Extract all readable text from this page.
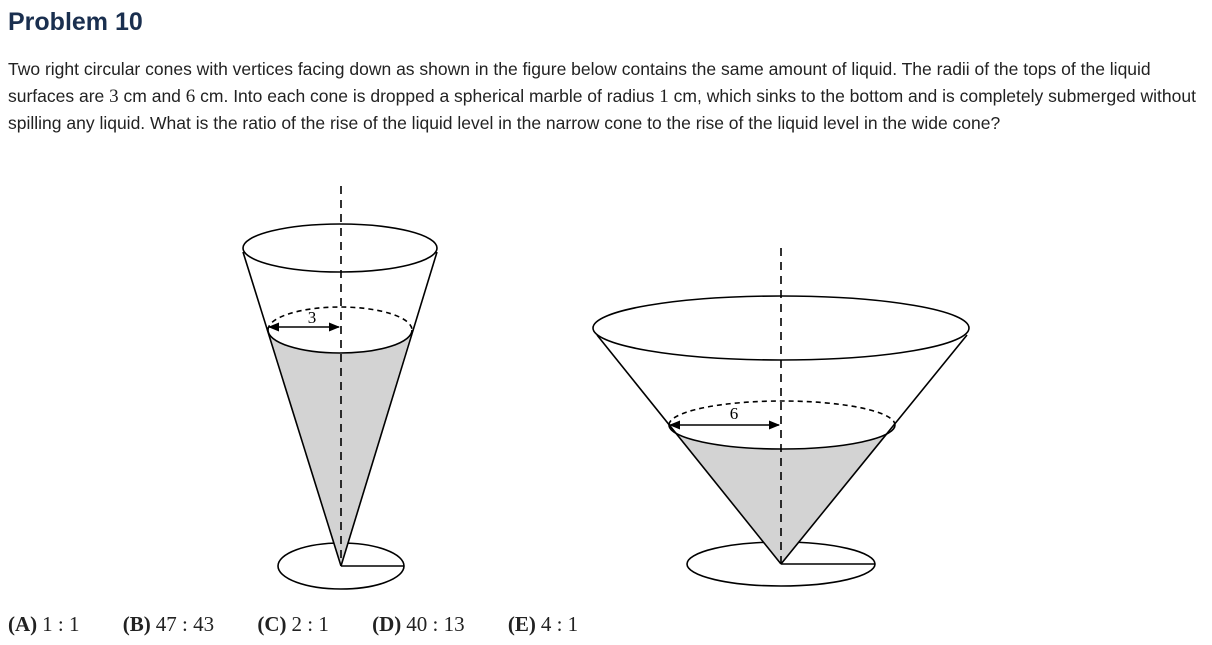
Problem 10

Two right circular cones with vertices facing down as shown in the figure below contains the same amount of liquid. The radii of the tops of the liquid surfaces are 3 cm and 6 cm. Into each cone is dropped a spherical marble of radius 1 cm, which sinks to the bottom and is completely submerged without spilling any liquid. What is the ratio of the rise of the liquid level in the narrow cone to the rise of the liquid level in the wide cone?

3
6
(A) 1 : 1 (B) 47 : 43 (C) 2 : 1 (D) 40 : 13 (E) 4 : 1
